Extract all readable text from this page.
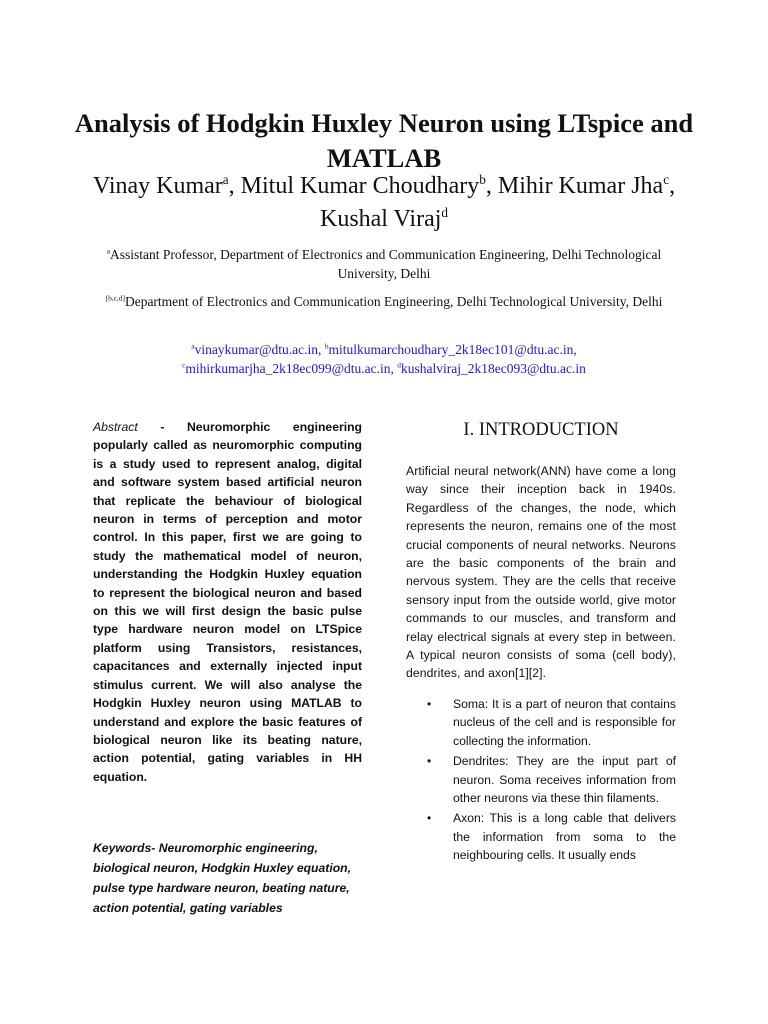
Analysis of Hodgkin Huxley Neuron using LTspice and MATLAB
Vinay Kumar$^a$, Mitul Kumar Choudhary$^b$, Mihir Kumar Jha$^c$, Kushal Viraj$^d$
$^a$Assistant Professor, Department of Electronics and Communication Engineering, Delhi Technological University, Delhi
[b,c,d]Department of Electronics and Communication Engineering, Delhi Technological University, Delhi
$^a$vinaykumar@dtu.ac.in, $^b$mitulkumarchoudhary_2k18ec101@dtu.ac.in,
$^c$mihirkumarjha_2k18ec099@dtu.ac.in, $^d$kushalviraj_2k18ec093@dtu.ac.in

Abstract - Neuromorphic engineering popularly called as neuromorphic computing is a study used to represent analog, digital and software system based artificial neuron that replicate the behaviour of biological neuron in terms of perception and motor control. In this paper, first we are going to study the mathematical model of neuron, understanding the Hodgkin Huxley equation to represent the biological neuron and based on this we will first design the basic pulse type hardware neuron model on LTSpice platform using Transistors, resistances, capacitances and externally injected input stimulus current. We will also analyse the Hodgkin Huxley neuron using MATLAB to understand and explore the basic features of biological neuron like its beating nature, action potential, gating variables in HH equation.

Keywords- Neuromorphic engineering, biological neuron, Hodgkin Huxley equation, pulse type hardware neuron, beating nature, action potential, gating variables
I. INTRODUCTION

Artificial neural network(ANN) have come a long way since their inception back in 1940s. Regardless of the changes, the node, which represents the neuron, remains one of the most crucial components of neural networks. Neurons are the basic components of the brain and nervous system. They are the cells that receive sensory input from the outside world, give motor commands to our muscles, and transform and relay electrical signals at every step in between. A typical neuron consists of soma (cell body), dendrites, and axon[1][2].

• Soma: It is a part of neuron that contains nucleus of the cell and is responsible for collecting the information.
• Dendrites: They are the input part of neuron. Soma receives information from other neurons via these thin filaments.
• Axon: This is a long cable that delivers the information from soma to the neighbouring cells. It usually ends
